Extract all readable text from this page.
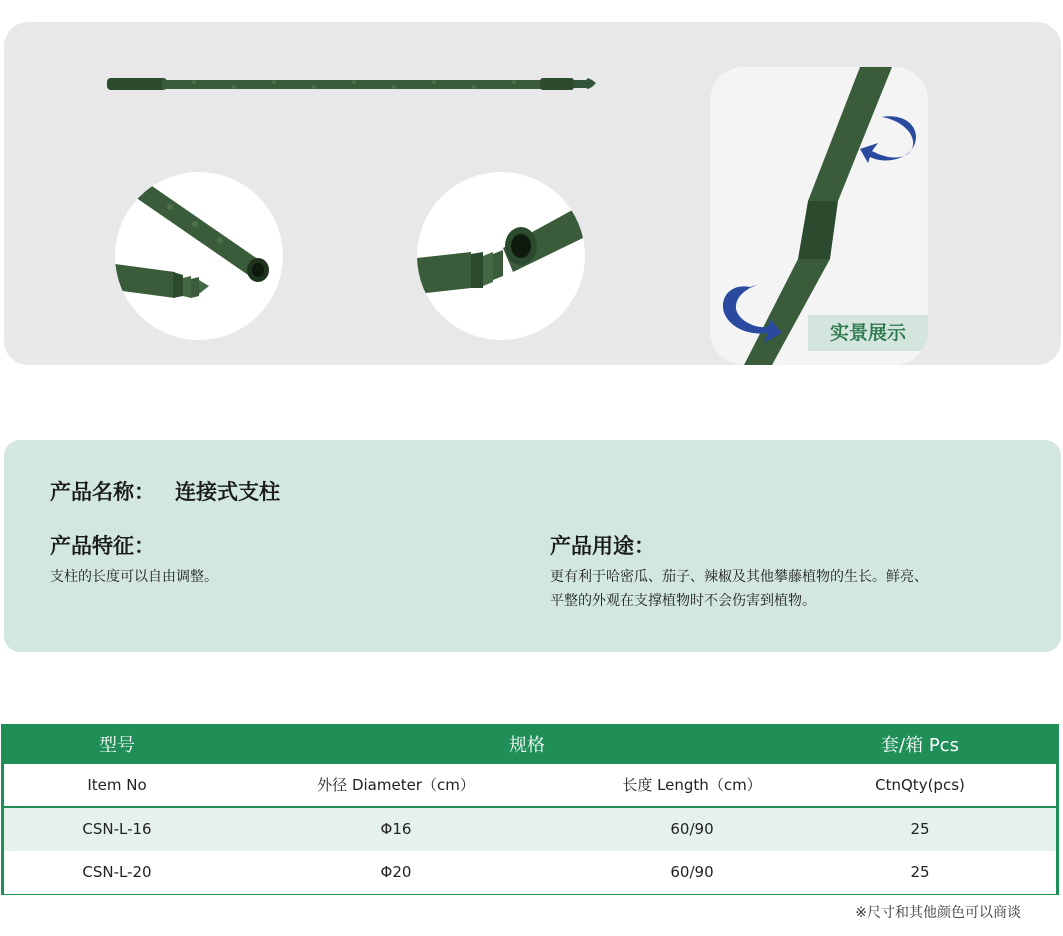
实景展示
产品名称： 连接式支柱
产品特征：
支柱的长度可以自由调整。
产品用途：
更有利于哈密瓜、茄子、辣椒及其他攀藤植物的生长。鲜亮、
平整的外观在支撑植物时不会伤害到植物。
型号	规格	套/箱 Pcs
Item No	外径 Diameter（cm）	长度 Length（cm）	CtnQty(pcs)
CSN-L-16	Φ16	60/90	25
CSN-L-20	Φ20	60/90	25
※尺寸和其他颜色可以商谈
